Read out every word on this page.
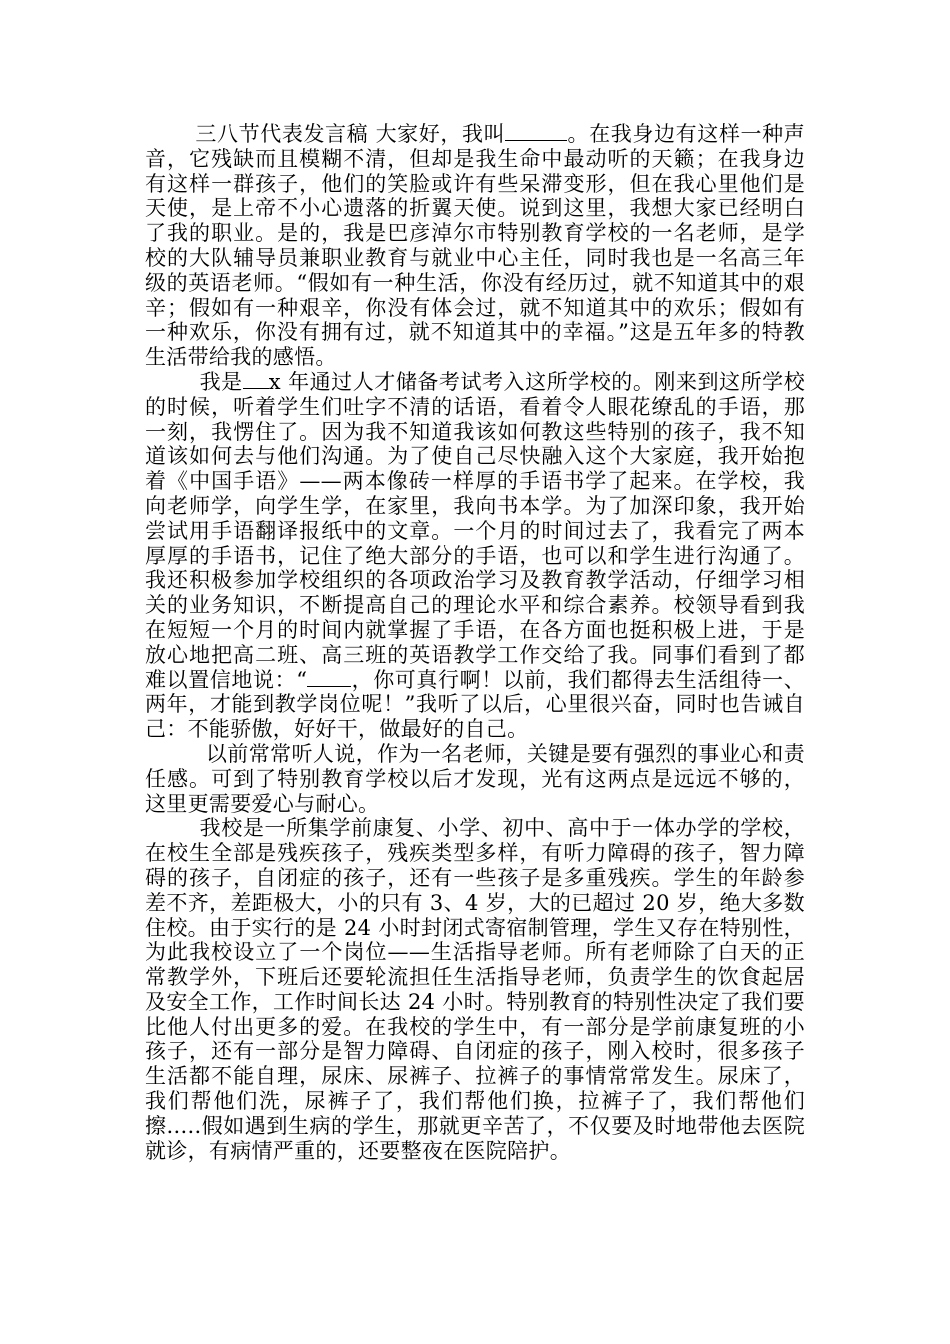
三八节代表发言稿 大家好，我叫	。在我身边有这样一种声音，它残缺而且模糊不清，但却是我生命中最动听的天籁；在我身边有这样一群孩子，他们的笑脸或许有些呆滞变形，但在我心里他们是天使，是上帝不小心遗落的折翼天使。说到这里，我想大家已经明白了我的职业。是的，我是巴彦淖尔市特别教育学校的一名老师，是学校的大队辅导员兼职业教育与就业中心主任，同时我也是一名高三年级的英语老师。“假如有一种生活，你没有经历过，就不知道其中的艰辛；假如有一种艰辛，你没有体会过，就不知道其中的欢乐；假如有一种欢乐，你没有拥有过，就不知道其中的幸福。”这是五年多的特教生活带给我的感悟。

我是 x 年通过人才储备考试考入这所学校的。刚来到这所学校的时候，听着学生们吐字不清的话语，看着令人眼花缭乱的手语，那一刻，我愣住了。因为我不知道我该如何教这些特别的孩子，我不知道该如何去与他们沟通。为了使自己尽快融入这个大家庭，我开始抱着《中国手语》——两本像砖一样厚的手语书学了起来。在学校，我向老师学，向学生学，在家里，我向书本学。为了加深印象，我开始尝试用手语翻译报纸中的文章。一个月的时间过去了，我看完了两本厚厚的手语书，记住了绝大部分的手语，也可以和学生进行沟通了。我还积极参加学校组织的各项政治学习及教育教学活动，仔细学习相关的业务知识，不断提高自己的理论水平和综合素养。校领导看到我在短短一个月的时间内就掌握了手语，在各方面也挺积极上进，于是放心地把高二班、高三班的英语教学工作交给了我。同事们看到了都难以置信地说：“ ，你可真行啊！以前，我们都得去生活组待一、两年，才能到教学岗位呢！”我听了以后，心里很兴奋，同时也告诫自己：不能骄傲，好好干，做最好的自己。

以前常常听人说，作为一名老师，关键是要有强烈的事业心和责任感。可到了特别教育学校以后才发现，光有这两点是远远不够的，这里更需要爱心与耐心。

我校是一所集学前康复、小学、初中、高中于一体办学的学校，在校生全部是残疾孩子，残疾类型多样，有听力障碍的孩子，智力障碍的孩子，自闭症的孩子，还有一些孩子是多重残疾。学生的年龄参差不齐，差距极大，小的只有 3、4 岁，大的已超过 20 岁，绝大多数住校。由于实行的是 24 小时封闭式寄宿制管理，学生又存在特别性，为此我校设立了一个岗位——生活指导老师。所有老师除了白天的正常教学外，下班后还要轮流担任生活指导老师，负责学生的饮食起居及安全工作，工作时间长达 24 小时。特别教育的特别性决定了我们要比他人付出更多的爱。在我校的学生中，有一部分是学前康复班的小孩子，还有一部分是智力障碍、自闭症的孩子，刚入校时，很多孩子生活都不能自理，尿床、尿裤子、拉裤子的事情常常发生。尿床了，我们帮他们洗，尿裤子了，我们帮他们换，拉裤子了，我们帮他们擦.....假如遇到生病的学生，那就更辛苦了，不仅要及时地带他去医院就诊，有病情严重的，还要整夜在医院陪护。
